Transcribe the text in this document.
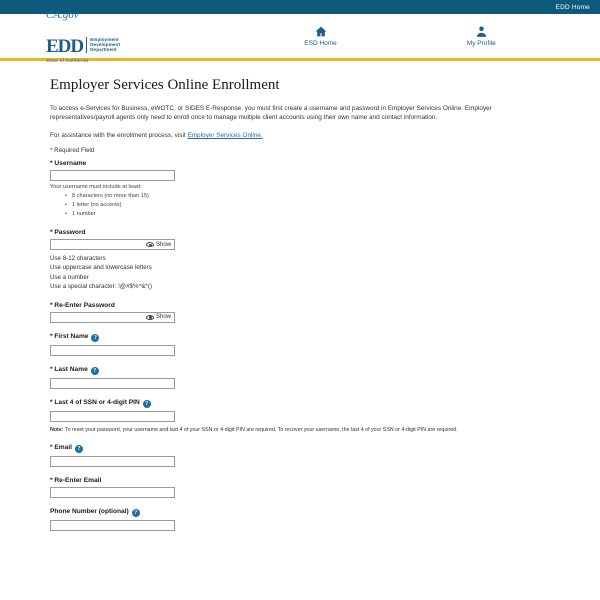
EDD Home
CA.gov
EDD Employment
Development
Department
State of California
ESD Home	My Profile
Employer Services Online Enrollment

To access e-Services for Business, eWOTC, or SIDES E-Response, you must first create a username and password in Employer Services Online. Employer representatives/payroll agents only need to enroll once to manage multiple client accounts using their own name and contact information.

For assistance with the enrollment process, visit Employer Services Online.

* Required Field

* Username

Your username must include at least:

• 8 characters (no more than 15)
• 1 letter (no accents)
• 1 number
* Password
Show
Use 8-12 characters
Use uppercase and lowercase letters
Use a number
Use a special character: !@#$%^&*()
* Re-Enter Password
Show
* First Name ?
* Last Name ?
* Last 4 of SSN or 4-digit PIN ?

Note: To reset your password, your username and last 4 of your SSN or 4-digit PIN are required. To recover your username, the last 4 of your SSN or 4-digit PIN are required.

* Email ?
* Re-Enter Email
Phone Number (optional) ?
